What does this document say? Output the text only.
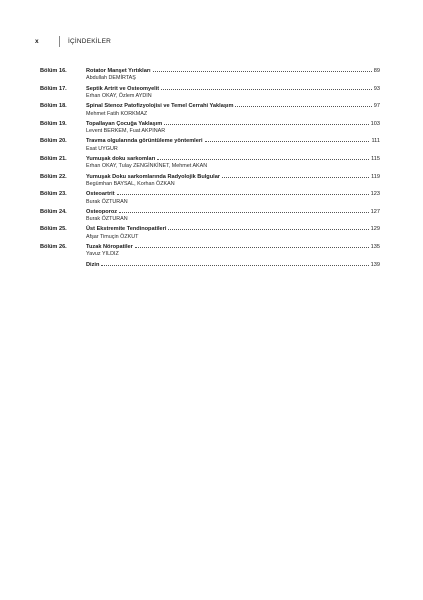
x	İÇİNDEKİLER
Bölüm 16.	Rotator Manşet Yırtıkları	89
Abdullah DEMİRTAŞ
Bölüm 17.	Septik Artrit ve Osteomyelit	93
Erhan OKAY, Özlem AYDIN
Bölüm 18.	Spinal Stenoz Patofizyolojisi ve Temel Cerrahi Yaklaşım	97
Mehmet Fatih KORKMAZ
Bölüm 19.	Topallayan Çocuğa Yaklaşım	103
Levent BERKEM, Fuat AKPINAR
Bölüm 20.	Travma olgularında görüntüleme yöntemleri	111
Esat UYGUR
Bölüm 21.	Yumuşak doku sarkomları	115
Erhan OKAY, Tulay ZENGİNKİNET, Mehmet AKAN
Bölüm 22.	Yumuşak Doku sarkomlarında Radyolojik Bulgular	119
Begümhan BAYSAL, Korhan ÖZKAN
Bölüm 23.	Osteoartrit	123
Burak ÖZTURAN
Bölüm 24.	Osteoporoz	127
Burak ÖZTURAN
Bölüm 25.	Üst Ekstremite Tendinopatileri	129
Afşar Timuçin ÖZKUT
Bölüm 26.	Tuzak Nöropatiler	135
Yavuz YILDIZ
Dizin	139
